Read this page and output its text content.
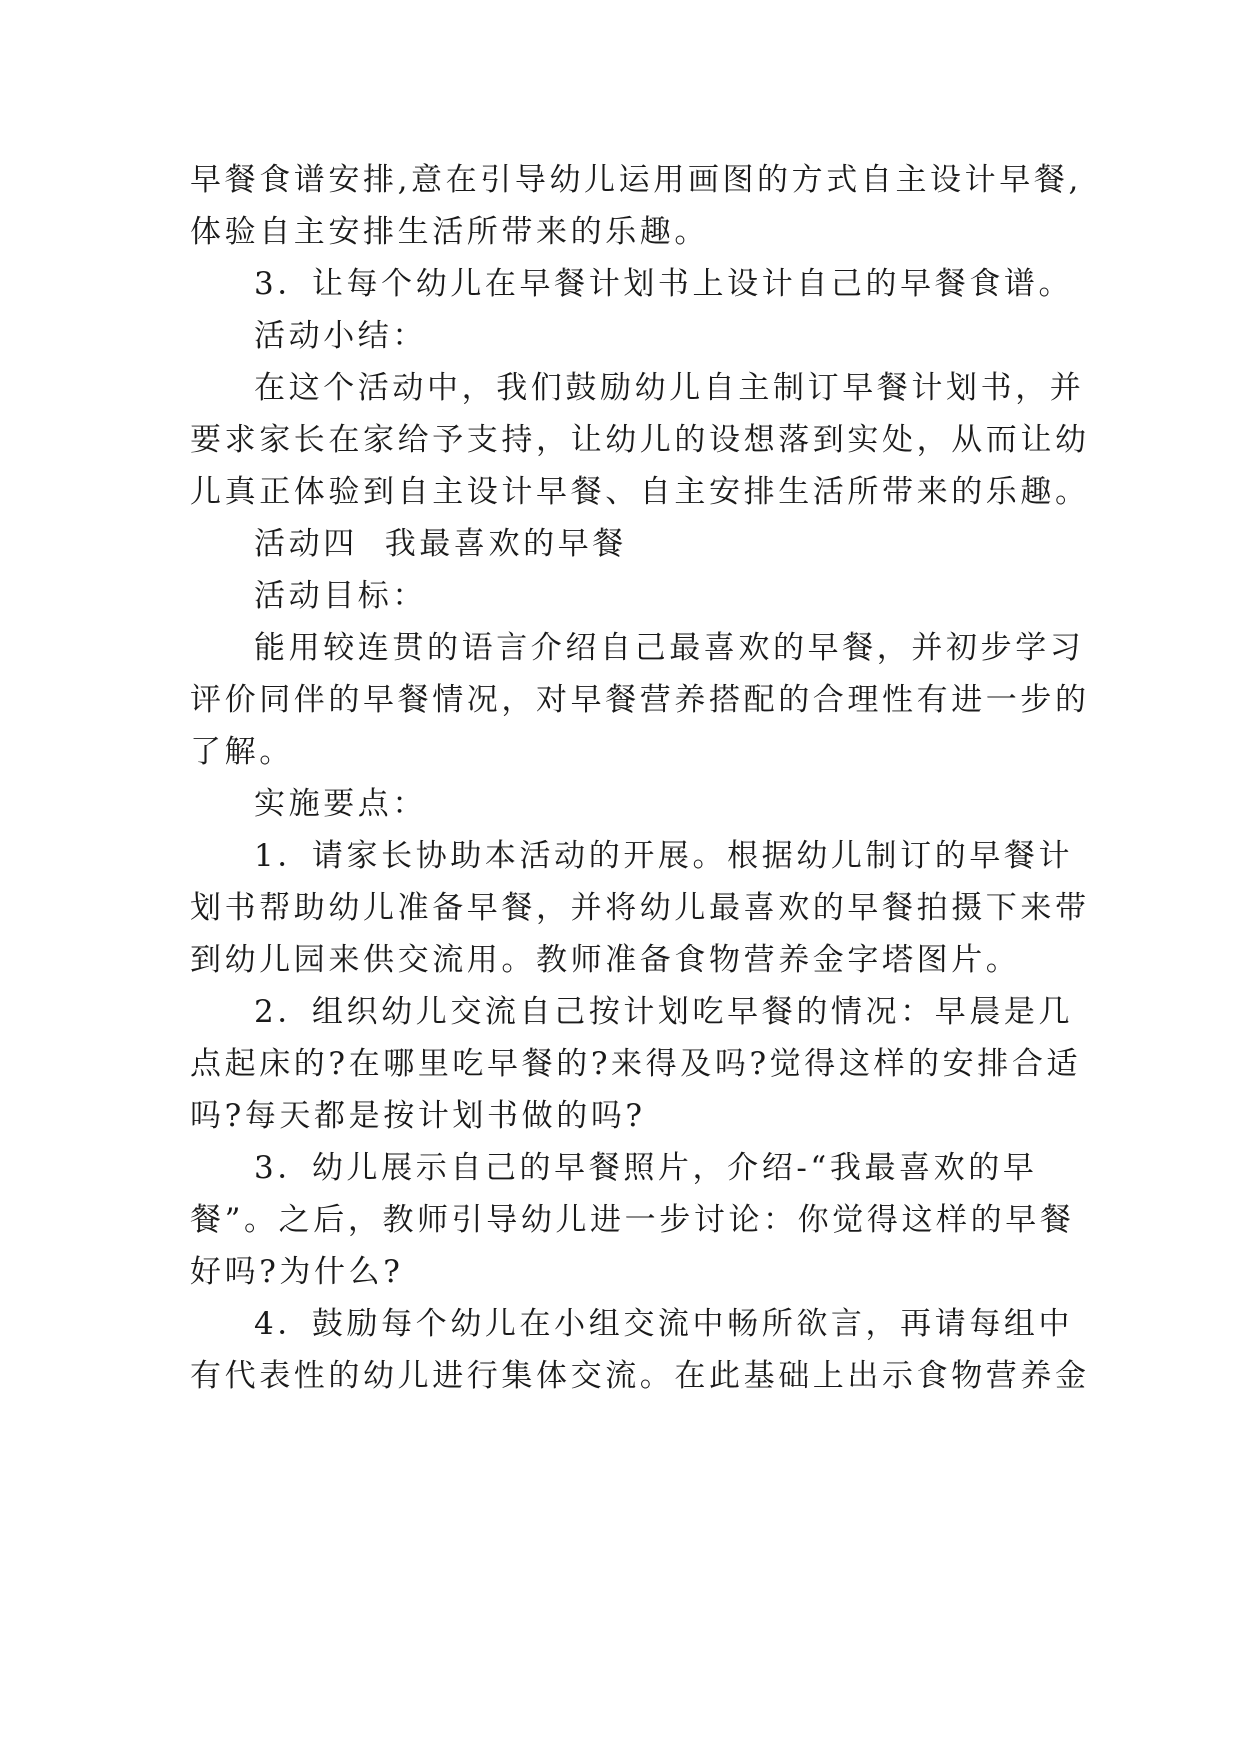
早餐食谱安排,意在引导幼儿运用画图的方式自主设计早餐,
体验自主安排生活所带来的乐趣。
3．让每个幼儿在早餐计划书上设计自己的早餐食谱。
活动小结：
在这个活动中，我们鼓励幼儿自主制订早餐计划书，并
要求家长在家给予支持，让幼儿的设想落到实处，从而让幼
儿真正体验到自主设计早餐、自主安排生活所带来的乐趣。
活动四  我最喜欢的早餐
活动目标：
能用较连贯的语言介绍自己最喜欢的早餐，并初步学习
评价同伴的早餐情况，对早餐营养搭配的合理性有进一步的
了解。
实施要点：
1．请家长协助本活动的开展。根据幼儿制订的早餐计
划书帮助幼儿准备早餐，并将幼儿最喜欢的早餐拍摄下来带
到幼儿园来供交流用。教师准备食物营养金字塔图片。
2．组织幼儿交流自己按计划吃早餐的情况：早晨是几
点起床的?在哪里吃早餐的?来得及吗?觉得这样的安排合适
吗?每天都是按计划书做的吗?
3．幼儿展示自己的早餐照片，介绍-“我最喜欢的早
餐”。之后，教师引导幼儿进一步讨论：你觉得这样的早餐
好吗?为什么?
4．鼓励每个幼儿在小组交流中畅所欲言，再请每组中
有代表性的幼儿进行集体交流。在此基础上出示食物营养金
